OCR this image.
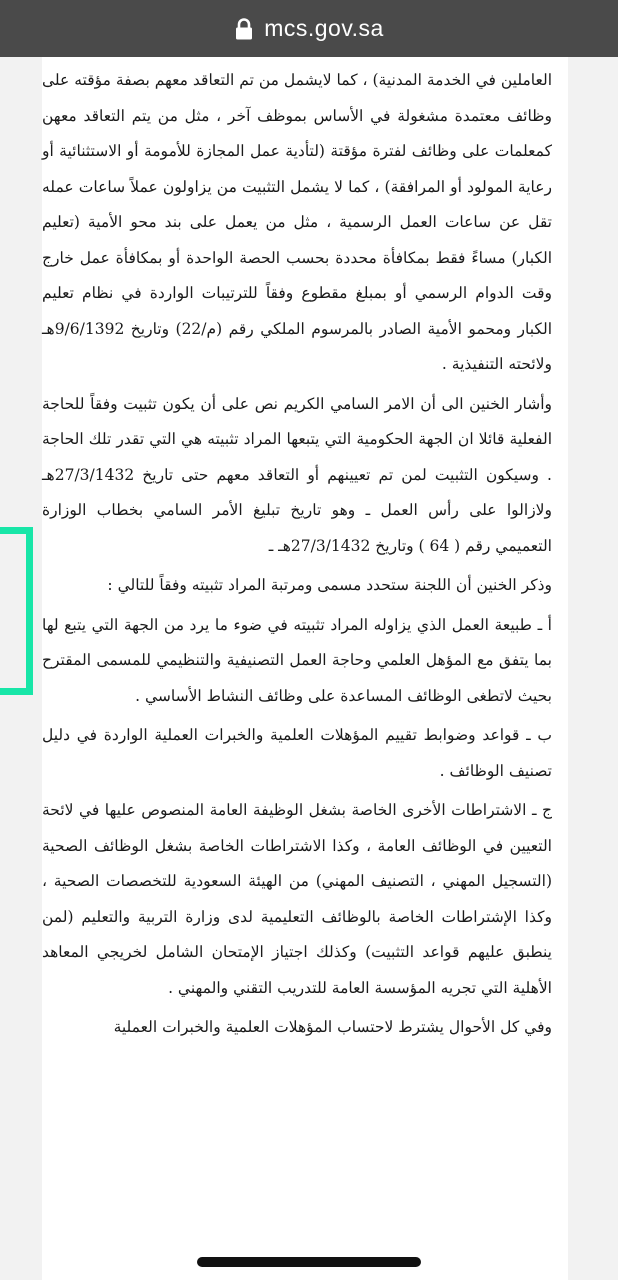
mcs.gov.sa

العاملين في الخدمة المدنية) ، كما لايشمل من تم التعاقد معهم بصفة مؤقته على وظائف معتمدة مشغولة في الأساس بموظف آخر ، مثل من يتم التعاقد معهن كمعلمات على وظائف لفترة مؤقتة (لتأدية عمل المجازة للأمومة أو الاستثنائية أو رعاية المولود أو المرافقة) ، كما لا يشمل التثبيت من يزاولون عملاً ساعات عمله تقل عن ساعات العمل الرسمية ، مثل من يعمل على بند محو الأمية (تعليم الكبار) مساءً فقط بمكافأة محددة بحسب الحصة الواحدة أو بمكافأة عمل خارج وقت الدوام الرسمي أو بمبلغ مقطوع وفقاً للترتيبات الواردة في نظام تعليم الكبار ومحمو الأمية الصادر بالمرسوم الملكي رقم (م/22) وتاريخ 9/6/1392هـ ولائحته التنفيذية .

وأشار الخنين الى أن الامر السامي الكريم نص على أن يكون تثبيت وفقاً للحاجة الفعلية قائلا ان الجهة الحكومية التي يتبعها المراد تثبيته هي التي تقدر تلك الحاجة . وسيكون التثبيت لمن تم تعيينهم أو التعاقد معهم حتى تاريخ 27/3/1432هـ ولازالوا على رأس العمل ـ وهو تاريخ تبليغ الأمر السامي بخطاب الوزارة التعميمي رقم ( 64 ) وتاريخ 27/3/1432هـ ـ

وذكر الخنين أن اللجنة ستحدد مسمى ومرتبة المراد تثبيته وفقاً للتالي :

أ ـ طبيعة العمل الذي يزاوله المراد تثبيته في ضوء ما يرد من الجهة التي يتبع لها بما يتفق مع المؤهل العلمي وحاجة العمل التصنيفية والتنظيمي للمسمى المقترح بحيث لاتطغى الوظائف المساعدة على وظائف النشاط الأساسي .

ب ـ قواعد وضوابط تقييم المؤهلات العلمية والخبرات العملية الواردة في دليل تصنيف الوظائف .

ج ـ الاشتراطات الأخرى الخاصة بشغل الوظيفة العامة المنصوص عليها في لائحة التعيين في الوظائف العامة ، وكذا الاشتراطات الخاصة بشغل الوظائف الصحية (التسجيل المهني ، التصنيف المهني) من الهيئة السعودية للتخصصات الصحية ، وكذا الإشتراطات الخاصة بالوظائف التعليمية لدى وزارة التربية والتعليم (لمن ينطبق عليهم قواعد التثبيت) وكذلك اجتياز الإمتحان الشامل لخريجي المعاهد الأهلية التي تجريه المؤسسة العامة للتدريب التقني والمهني .

وفي كل الأحوال يشترط لاحتساب المؤهلات العلمية والخبرات العملية
